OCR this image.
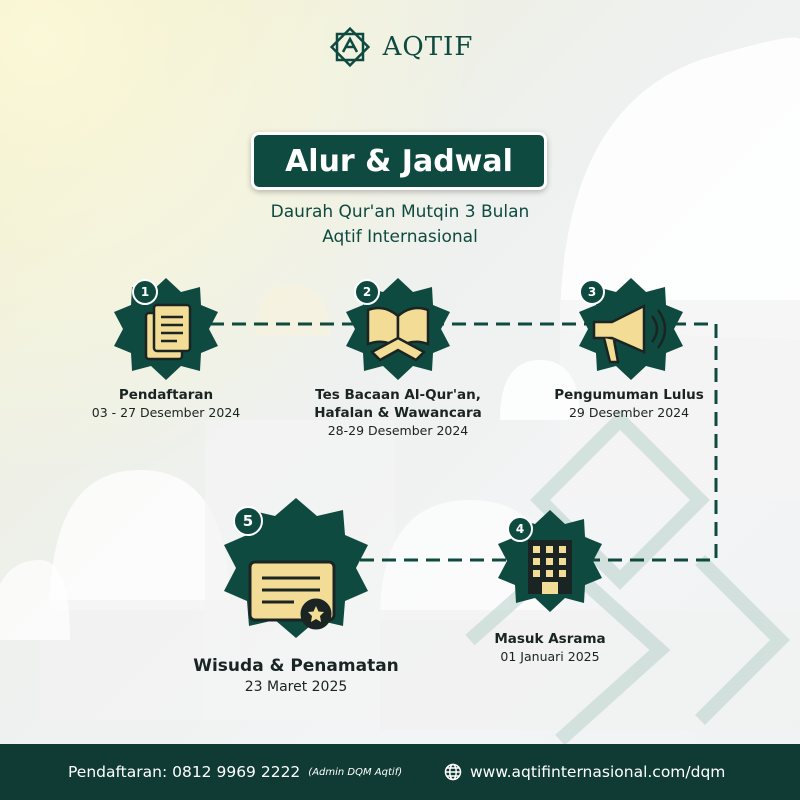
AQTIF
Alur & Jadwal
Daurah Qur'an Mutqin 3 Bulan
Aqtif Internasional
1	2	3
4
5
Pendaftaran
03 - 27 Desember 2024
Tes Bacaan Al-Qur'an,
Hafalan & Wawancara
28-29 Desember 2024
Pengumuman Lulus
29 Desember 2024
Masuk Asrama
01 Januari 2025
Wisuda & Penamatan
23 Maret 2025
Pendaftaran: 0812 9969 2222 (Admin DQM Aqtif)	www.aqtifinternasional.com/dqm
